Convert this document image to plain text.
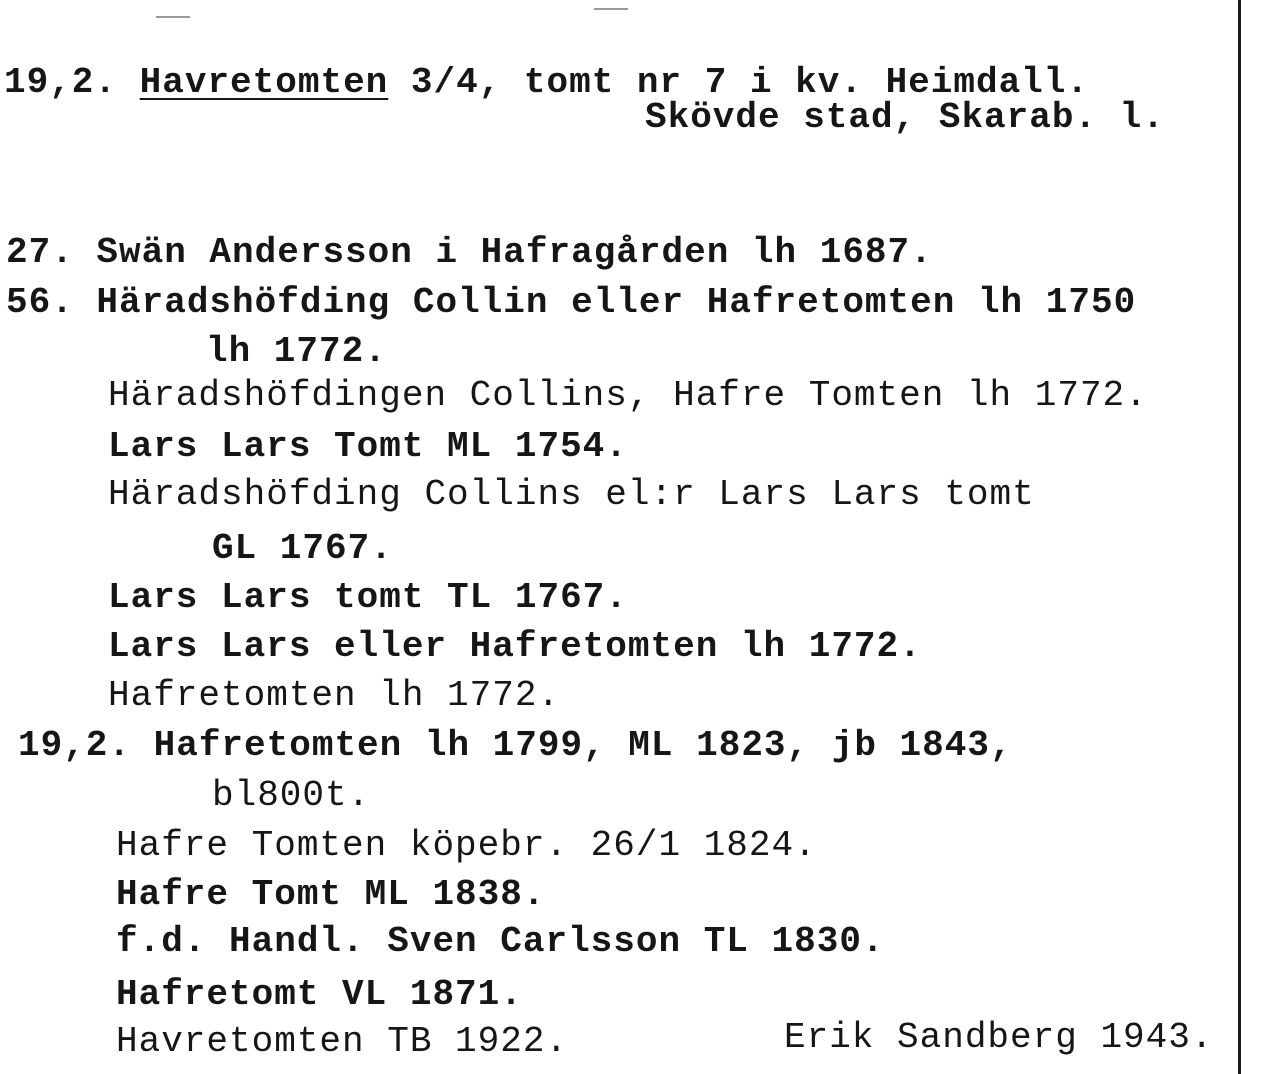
19,2. Havretomten 3/4, tomt nr 7 i kv. Heimdall.
Skövde stad, Skarab. l.
27. Swän Andersson i Hafragården lh 1687.
56. Häradshöfding Collin eller Hafretomten lh 1750
lh 1772.
Häradshöfdingen Collins, Hafre Tomten lh 1772.
Lars Lars Tomt ML 1754.
Häradshöfding Collins el:r Lars Lars tomt
GL 1767.
Lars Lars tomt TL 1767.
Lars Lars eller Hafretomten lh 1772.
Hafretomten lh 1772.
19,2. Hafretomten lh 1799, ML 1823, jb 1843,
bl800t.
Hafre Tomten köpebr. 26/1 1824.
Hafre Tomt ML 1838.
f.d. Handl. Sven Carlsson TL 1830.
Hafretomt VL 1871.
Havretomten TB 1922.	Erik Sandberg 1943.
